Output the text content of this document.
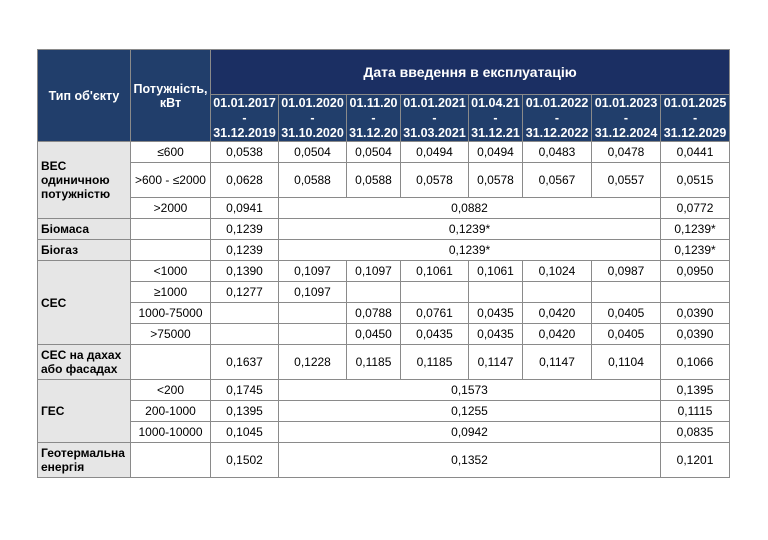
Тип об'єкту	Потужність, кВт	Дата введення в експлуатацію							
		01.01.2017
-
31.12.2019	01.01.2020
-
31.10.2020	01.11.20
-
31.12.20	01.01.2021
-
31.03.2021	01.04.21
-
31.12.21	01.01.2022
-
31.12.2022	01.01.2023
-
31.12.2024	01.01.2025
-
31.12.2029
ВЕС одиничною потужністю	≤600	0,0538	0,0504	0,0504	0,0494	0,0494	0,0483	0,0478	0,0441
	>600 - ≤2000	0,0628	0,0588	0,0588	0,0578	0,0578	0,0567	0,0557	0,0515
	>2000	0,0941	0,0882						0,0772
Біомаса		0,1239	0,1239*						0,1239*
Біогаз		0,1239	0,1239*						0,1239*
СЕС	<1000	0,1390	0,1097	0,1097	0,1061	0,1061	0,1024	0,0987	0,0950
	≥1000	0,1277	0,1097						
	1000-75000			0,0788	0,0761	0,0435	0,0420	0,0405	0,0390
	>75000			0,0450	0,0435	0,0435	0,0420	0,0405	0,0390
СЕС на дахах або фасадах		0,1637	0,1228	0,1185	0,1185	0,1147	0,1147	0,1104	0,1066
ГЕС	<200	0,1745	0,1573						0,1395
	200-1000	0,1395	0,1255						0,1115
	1000-10000	0,1045	0,0942						0,0835
Геотермальна енергія		0,1502	0,1352						0,1201
